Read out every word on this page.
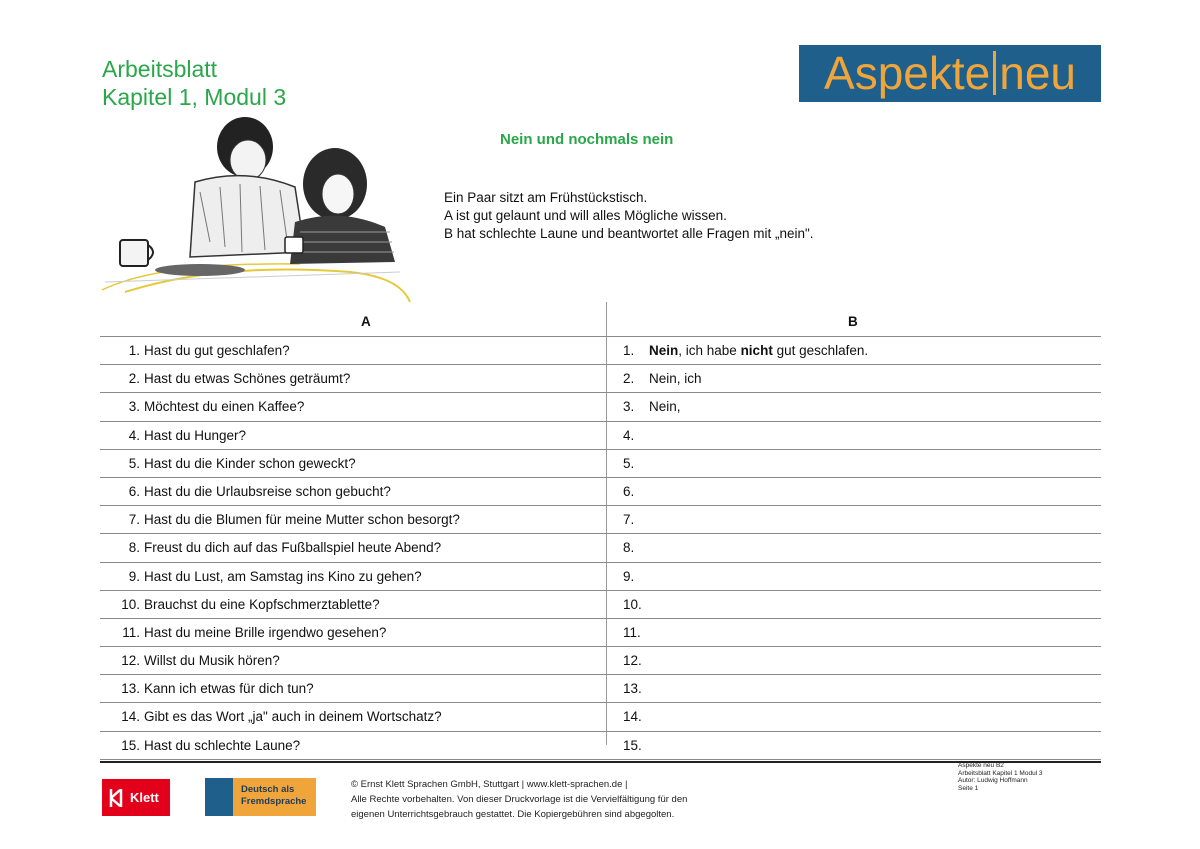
Arbeitsblatt
Kapitel 1, Modul 3	Aspekte neu
Nein und nochmals nein
Ein Paar sitzt am Frühstückstisch.
A ist gut gelaunt und will alles Mögliche wissen.
B hat schlechte Laune und beantwortet alle Fragen mit „nein".
A	B
1. Hast du gut geschlafen?	1. Nein, ich habe nicht gut geschlafen.
2. Hast du etwas Schönes geträumt?	2. Nein, ich
3. Möchtest du einen Kaffee?	3. Nein,
4. Hast du Hunger?	4.
5. Hast du die Kinder schon geweckt?	5.
6. Hast du die Urlaubsreise schon gebucht?	6.
7. Hast du die Blumen für meine Mutter schon besorgt?	7.
8. Freust du dich auf das Fußballspiel heute Abend?	8.
9. Hast du Lust, am Samstag ins Kino zu gehen?	9.
10. Brauchst du eine Kopfschmerztablette?	10.
11. Hast du meine Brille irgendwo gesehen?	11.
12. Willst du Musik hören?	12.
13. Kann ich etwas für dich tun?	13.
14. Gibt es das Wort „ja" auch in deinem Wortschatz?	14.
15. Hast du schlechte Laune?	15.
Klett
Deutsch als
Fremdsprache
© Ernst Klett Sprachen GmbH, Stuttgart | www.klett-sprachen.de |
Alle Rechte vorbehalten. Von dieser Druckvorlage ist die Vervielfältigung für den
eigenen Unterrichtsgebrauch gestattet. Die Kopiergebühren sind abgegolten.
Aspekte neu B2
Arbeitsblatt Kapitel 1 Modul 3
Autor: Ludwig Hoffmann
Seite 1
